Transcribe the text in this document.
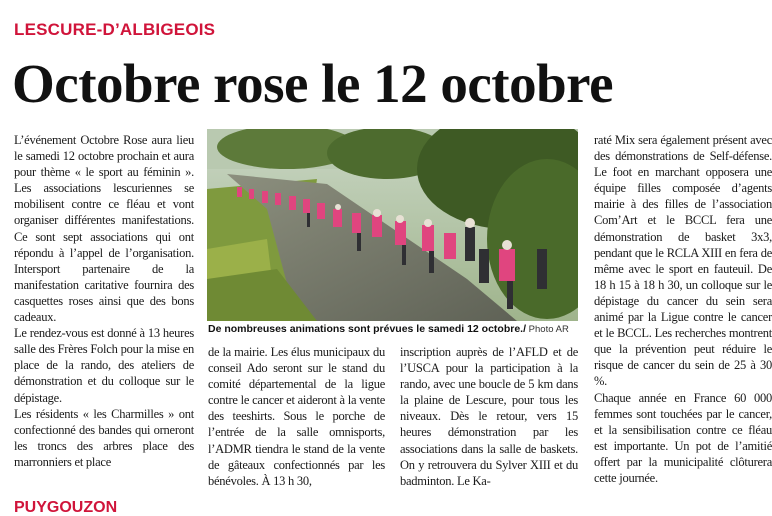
LESCURE-D’ALBIGEOIS
Octobre rose le 12 octobre

L’événement Octobre Rose aura lieu le samedi 12 octobre prochain et aura pour thème « le sport au féminin ». Les associations lescuriennes se mobilisent contre ce fléau et vont organiser différentes manifestations. Ce sont sept associations qui ont répondu à l’appel de l’organisation. Intersport partenaire de la manifestation caritative fournira des casquettes roses ainsi que des bons cadeaux.

Le rendez-vous est donné à 13 heures salle des Frères Folch pour la mise en place de la rando, des ateliers de démonstration et du colloque sur le dépistage.

Les résidents « les Charmilles » ont confectionné des bandes qui orneront les troncs des arbres place des marronniers et place

De nombreuses animations sont prévues le samedi 12 octobre./ Photo AR

de la mairie. Les élus municipaux du conseil Ado seront sur le stand du comité départemental de la ligue contre le cancer et aideront à la vente des teeshirts. Sous le porche de l’entrée de la salle omnisports, l’ADMR tiendra le stand de la vente de gâteaux confectionnés par les bénévoles. À 13 h 30,

inscription auprès de l’AFLD et de l’USCA pour la participation à la rando, avec une boucle de 5 km dans la plaine de Lescure, pour tous les niveaux. Dès le retour, vers 15 heures démonstration par les associations dans la salle de baskets. On y retrouvera du Sylver XIII et du badminton. Le Ka-

raté Mix sera également présent avec des démonstrations de Self-défense. Le foot en marchant opposera une équipe filles composée d’agents mairie à des filles de l’association Com’Art et le BCCL fera une démonstration de basket 3x3, pendant que le RCLA XIII en fera de même avec le sport en fauteuil. De 18 h 15 à 18 h 30, un colloque sur le dépistage du cancer du sein sera animé par la Ligue contre le cancer et le BCCL. Les recherches montrent que la prévention peut réduire le risque de cancer du sein de 25 à 30 %.

Chaque année en France 60 000 femmes sont touchées par le cancer, et la sensibilisation contre ce fléau est importante. Un pot de l’amitié offert par la municipalité clôturera cette journée.

PUYGOUZON
